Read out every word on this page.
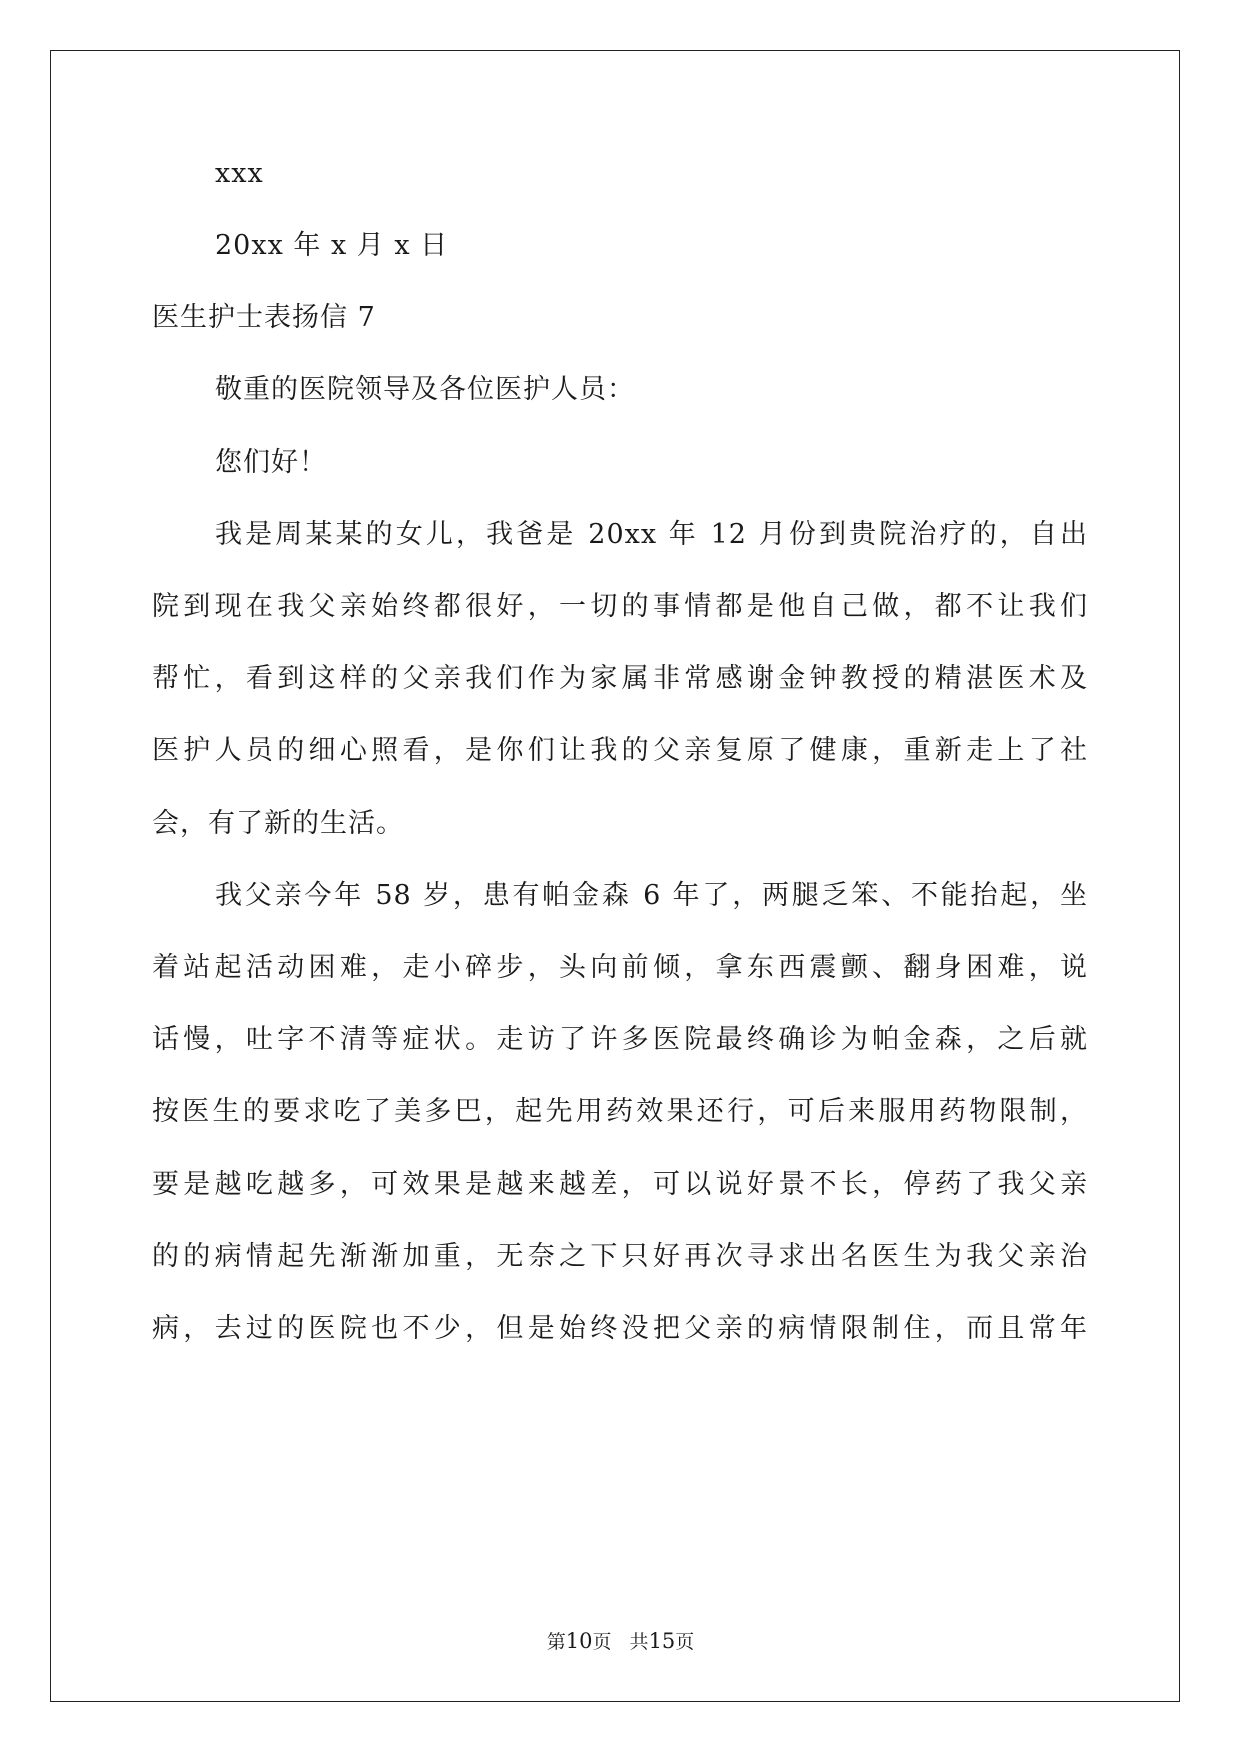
xxx
20xx 年 x 月 x 日
医生护士表扬信 7
敬重的医院领导及各位医护人员：
您们好！
我是周某某的女儿，我爸是 20xx 年 12 月份到贵院治疗的，自出
院到现在我父亲始终都很好，一切的事情都是他自己做，都不让我们
帮忙，看到这样的父亲我们作为家属非常感谢金钟教授的精湛医术及
医护人员的细心照看，是你们让我的父亲复原了健康，重新走上了社
会，有了新的生活。
我父亲今年 58 岁，患有帕金森 6 年了，两腿乏笨、不能抬起，坐
着站起活动困难，走小碎步，头向前倾，拿东西震颤、翻身困难，说
话慢，吐字不清等症状。走访了许多医院最终确诊为帕金森，之后就
按医生的要求吃了美多巴，起先用药效果还行，可后来服用药物限制，
要是越吃越多，可效果是越来越差，可以说好景不长，停药了我父亲
的的病情起先渐渐加重，无奈之下只好再次寻求出名医生为我父亲治
病，去过的医院也不少，但是始终没把父亲的病情限制住，而且常年
第10页   共15页
